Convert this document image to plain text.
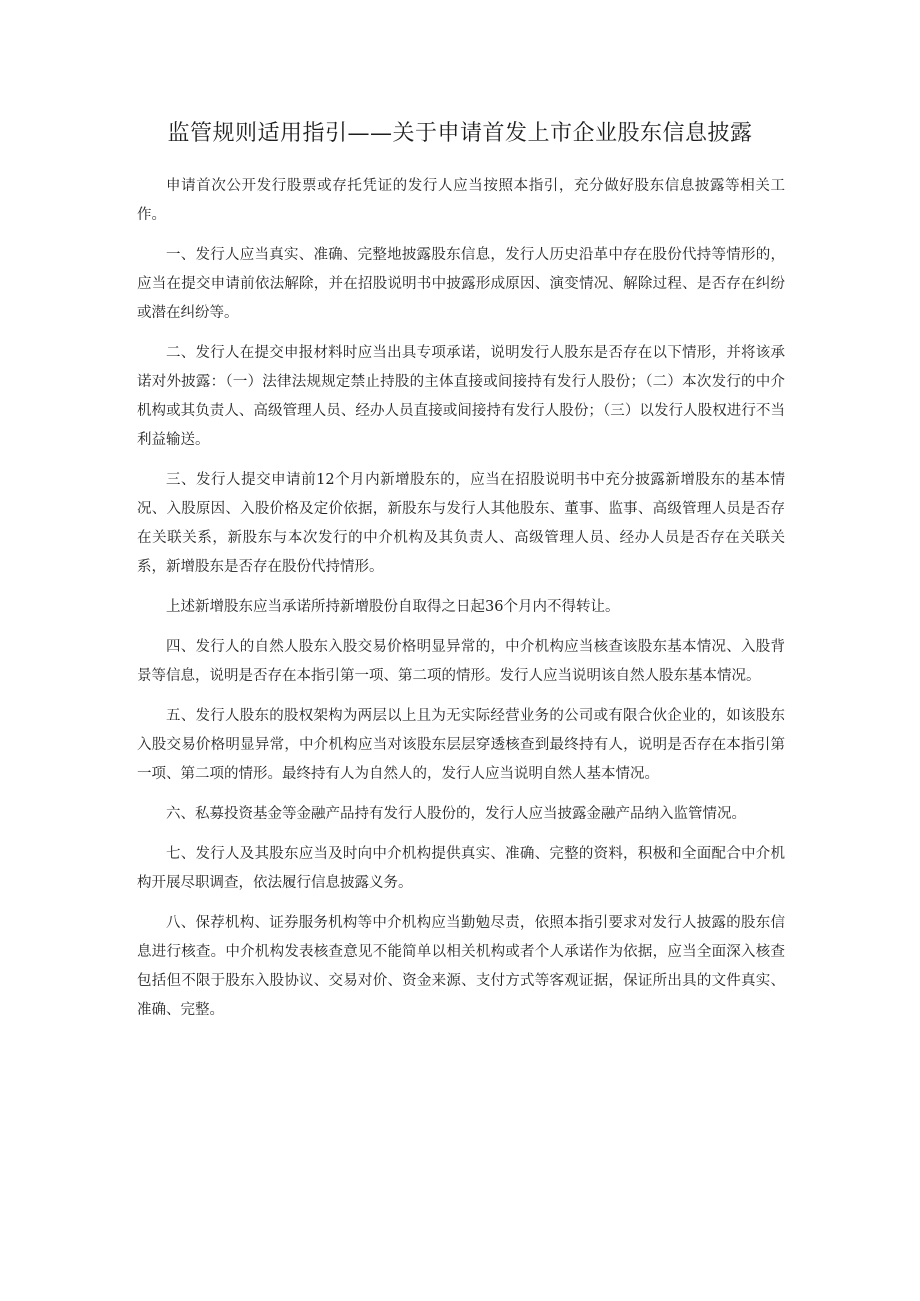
监管规则适用指引——关于申请首发上市企业股东信息披露

申请首次公开发行股票或存托凭证的发行人应当按照本指引，充分做好股东信息披露等相关工作。

一、发行人应当真实、准确、完整地披露股东信息，发行人历史沿革中存在股份代持等情形的，应当在提交申请前依法解除，并在招股说明书中披露形成原因、演变情况、解除过程、是否存在纠纷或潜在纠纷等。

二、发行人在提交申报材料时应当出具专项承诺，说明发行人股东是否存在以下情形，并将该承诺对外披露：（一）法律法规规定禁止持股的主体直接或间接持有发行人股份；（二）本次发行的中介机构或其负责人、高级管理人员、经办人员直接或间接持有发行人股份；（三）以发行人股权进行不当利益输送。

三、发行人提交申请前12个月内新增股东的，应当在招股说明书中充分披露新增股东的基本情况、入股原因、入股价格及定价依据，新股东与发行人其他股东、董事、监事、高级管理人员是否存在关联关系，新股东与本次发行的中介机构及其负责人、高级管理人员、经办人员是否存在关联关系，新增股东是否存在股份代持情形。

上述新增股东应当承诺所持新增股份自取得之日起36个月内不得转让。

四、发行人的自然人股东入股交易价格明显异常的，中介机构应当核查该股东基本情况、入股背景等信息，说明是否存在本指引第一项、第二项的情形。发行人应当说明该自然人股东基本情况。

五、发行人股东的股权架构为两层以上且为无实际经营业务的公司或有限合伙企业的，如该股东入股交易价格明显异常，中介机构应当对该股东层层穿透核查到最终持有人，说明是否存在本指引第一项、第二项的情形。最终持有人为自然人的，发行人应当说明自然人基本情况。

六、私募投资基金等金融产品持有发行人股份的，发行人应当披露金融产品纳入监管情况。

七、发行人及其股东应当及时向中介机构提供真实、准确、完整的资料，积极和全面配合中介机构开展尽职调查，依法履行信息披露义务。

八、保荐机构、证券服务机构等中介机构应当勤勉尽责，依照本指引要求对发行人披露的股东信息进行核查。中介机构发表核查意见不能简单以相关机构或者个人承诺作为依据，应当全面深入核查包括但不限于股东入股协议、交易对价、资金来源、支付方式等客观证据，保证所出具的文件真实、准确、完整。
